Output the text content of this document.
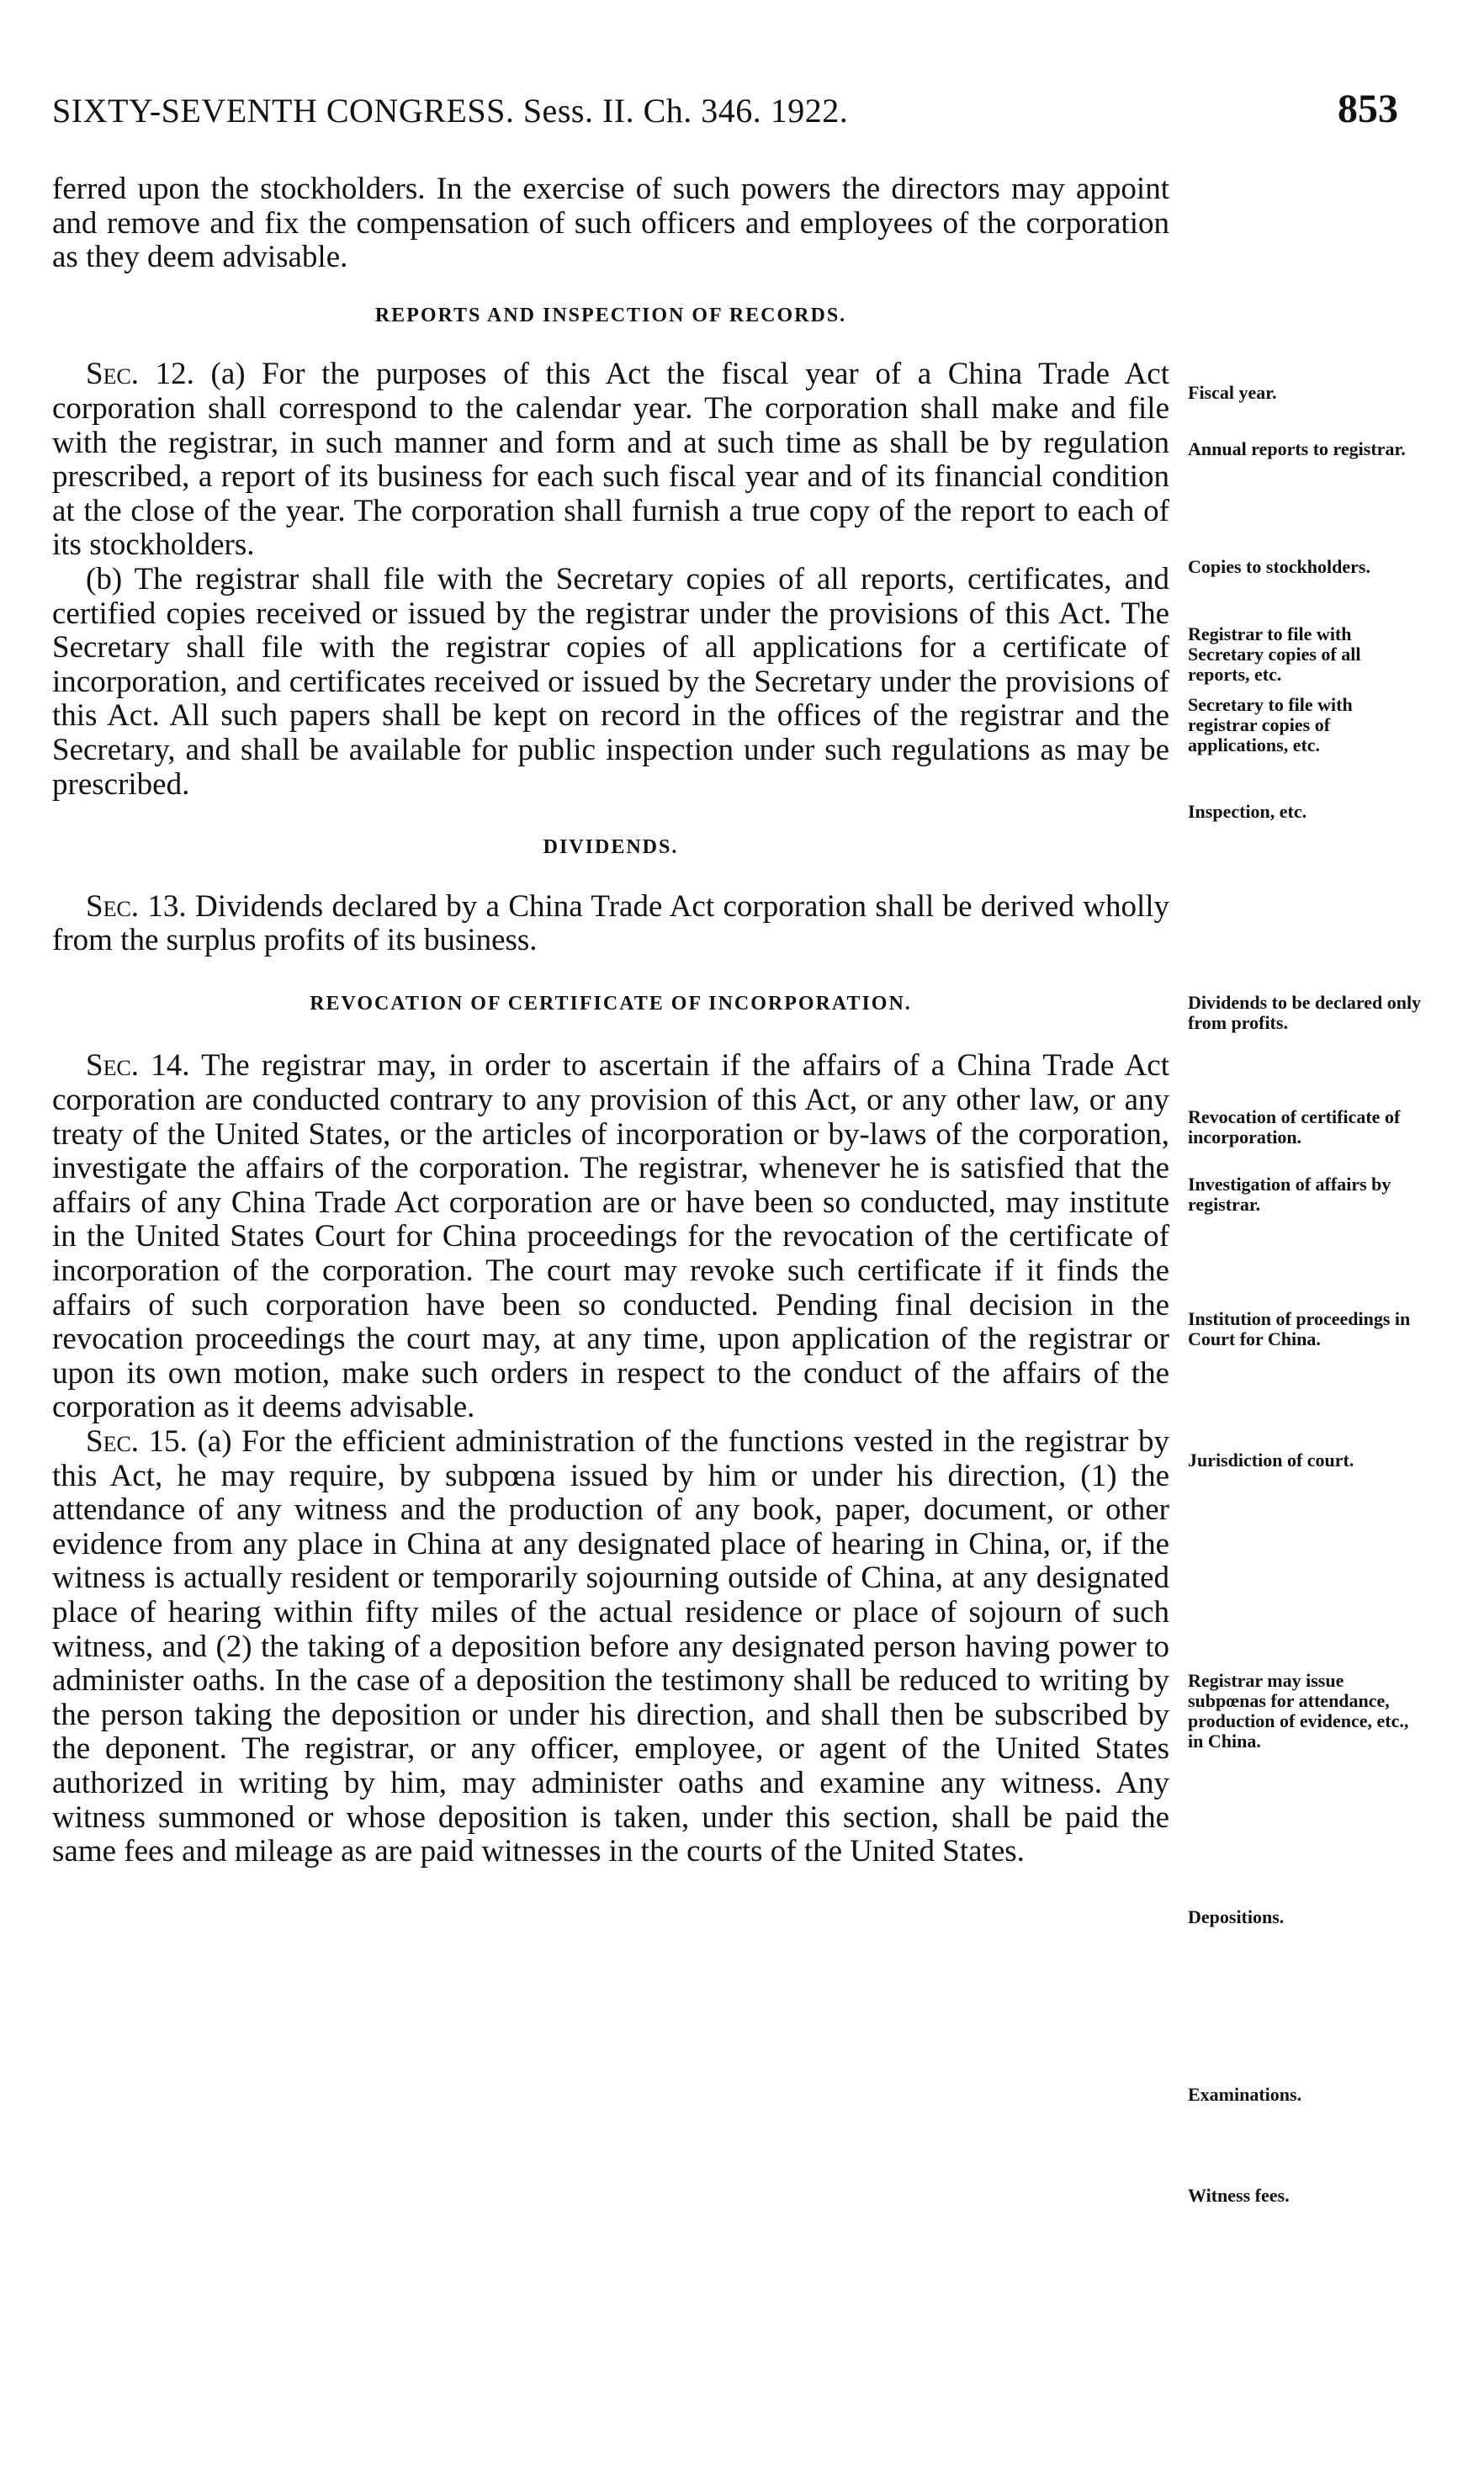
SIXTY-SEVENTH CONGRESS. Sess. II. Ch. 346. 1922.	853

ferred upon the stockholders. In the exercise of such powers the directors may appoint and remove and fix the compensation of such officers and employees of the corporation as they deem advisable.

REPORTS AND INSPECTION OF RECORDS.

Sec. 12. (a) For the purposes of this Act the fiscal year of a China Trade Act corporation shall correspond to the calendar year. The corporation shall make and file with the registrar, in such manner and form and at such time as shall be by regulation prescribed, a report of its business for each such fiscal year and of its financial condition at the close of the year. The corporation shall furnish a true copy of the report to each of its stockholders.

(b) The registrar shall file with the Secretary copies of all reports, certificates, and certified copies received or issued by the registrar under the provisions of this Act. The Secretary shall file with the registrar copies of all applications for a certificate of incorporation, and certificates received or issued by the Secretary under the provisions of this Act. All such papers shall be kept on record in the offices of the registrar and the Secretary, and shall be available for public inspection under such regulations as may be prescribed.

DIVIDENDS.

Sec. 13. Dividends declared by a China Trade Act corporation shall be derived wholly from the surplus profits of its business.

REVOCATION OF CERTIFICATE OF INCORPORATION.

Sec. 14. The registrar may, in order to ascertain if the affairs of a China Trade Act corporation are conducted contrary to any provision of this Act, or any other law, or any treaty of the United States, or the articles of incorporation or by-laws of the corporation, investigate the affairs of the corporation. The registrar, whenever he is satisfied that the affairs of any China Trade Act corporation are or have been so conducted, may institute in the United States Court for China proceedings for the revocation of the certificate of incorporation of the corporation. The court may revoke such certificate if it finds the affairs of such corporation have been so conducted. Pending final decision in the revocation proceedings the court may, at any time, upon application of the registrar or upon its own motion, make such orders in respect to the conduct of the affairs of the corporation as it deems advisable.

Sec. 15. (a) For the efficient administration of the functions vested in the registrar by this Act, he may require, by subpœna issued by him or under his direction, (1) the attendance of any witness and the production of any book, paper, document, or other evidence from any place in China at any designated place of hearing in China, or, if the witness is actually resident or temporarily sojourning outside of China, at any designated place of hearing within fifty miles of the actual residence or place of sojourn of such witness, and (2) the taking of a deposition before any designated person having power to administer oaths. In the case of a deposition the testimony shall be reduced to writing by the person taking the deposition or under his direction, and shall then be subscribed by the deponent. The registrar, or any officer, employee, or agent of the United States authorized in writing by him, may administer oaths and examine any witness. Any witness summoned or whose deposition is taken, under this section, shall be paid the same fees and mileage as are paid witnesses in the courts of the United States.

Fiscal year.
Annual reports to registrar.
Copies to stockholders.
Registrar to file with Secretary copies of all reports, etc.
Secretary to file with registrar copies of applications, etc.
Inspection, etc.
Dividends to be declared only from profits.
Revocation of certificate of incorporation.
Investigation of affairs by registrar.
Institution of proceedings in Court for China.
Jurisdiction of court.
Registrar may issue subpœnas for attendance, production of evidence, etc., in China.
Depositions.
Examinations.
Witness fees.
